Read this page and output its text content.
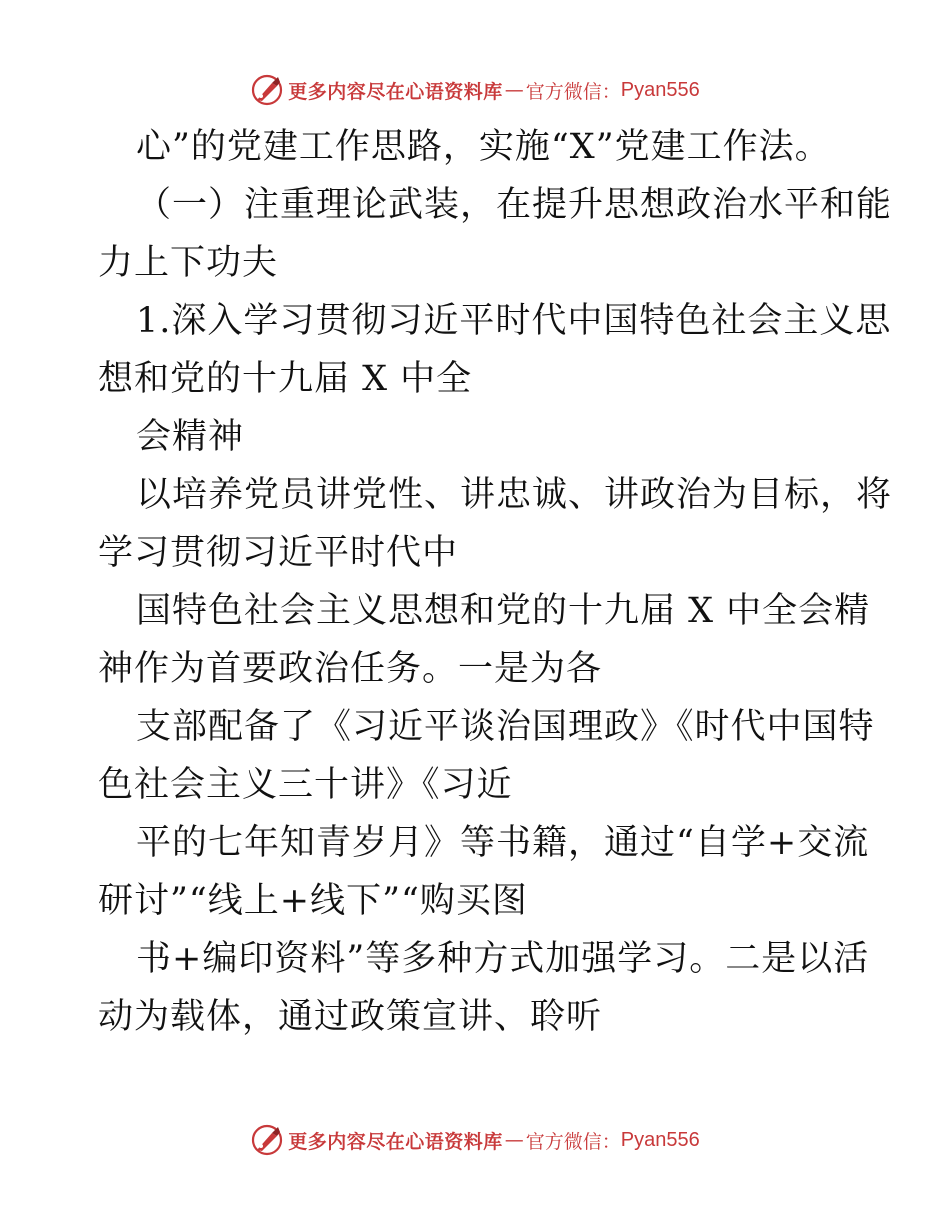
更多内容尽在心语资料库 — 官方微信： Pyan556
心”的党建工作思路，实施“X”党建工作法。
（一）注重理论武装，在提升思想政治水平和能
力上下功夫
1.深入学习贯彻习近平时代中国特色社会主义思
想和党的十九届 X 中全
会精神
以培养党员讲党性、讲忠诚、讲政治为目标，将
学习贯彻习近平时代中
国特色社会主义思想和党的十九届 X 中全会精
神作为首要政治任务。一是为各
支部配备了《习近平谈治国理政》《时代中国特
色社会主义三十讲》《习近
平的七年知青岁月》等书籍，通过“自学+交流
研讨”“线上+线下”“购买图
书+编印资料”等多种方式加强学习。二是以活
动为载体，通过政策宣讲、聆听
更多内容尽在心语资料库 — 官方微信： Pyan556
